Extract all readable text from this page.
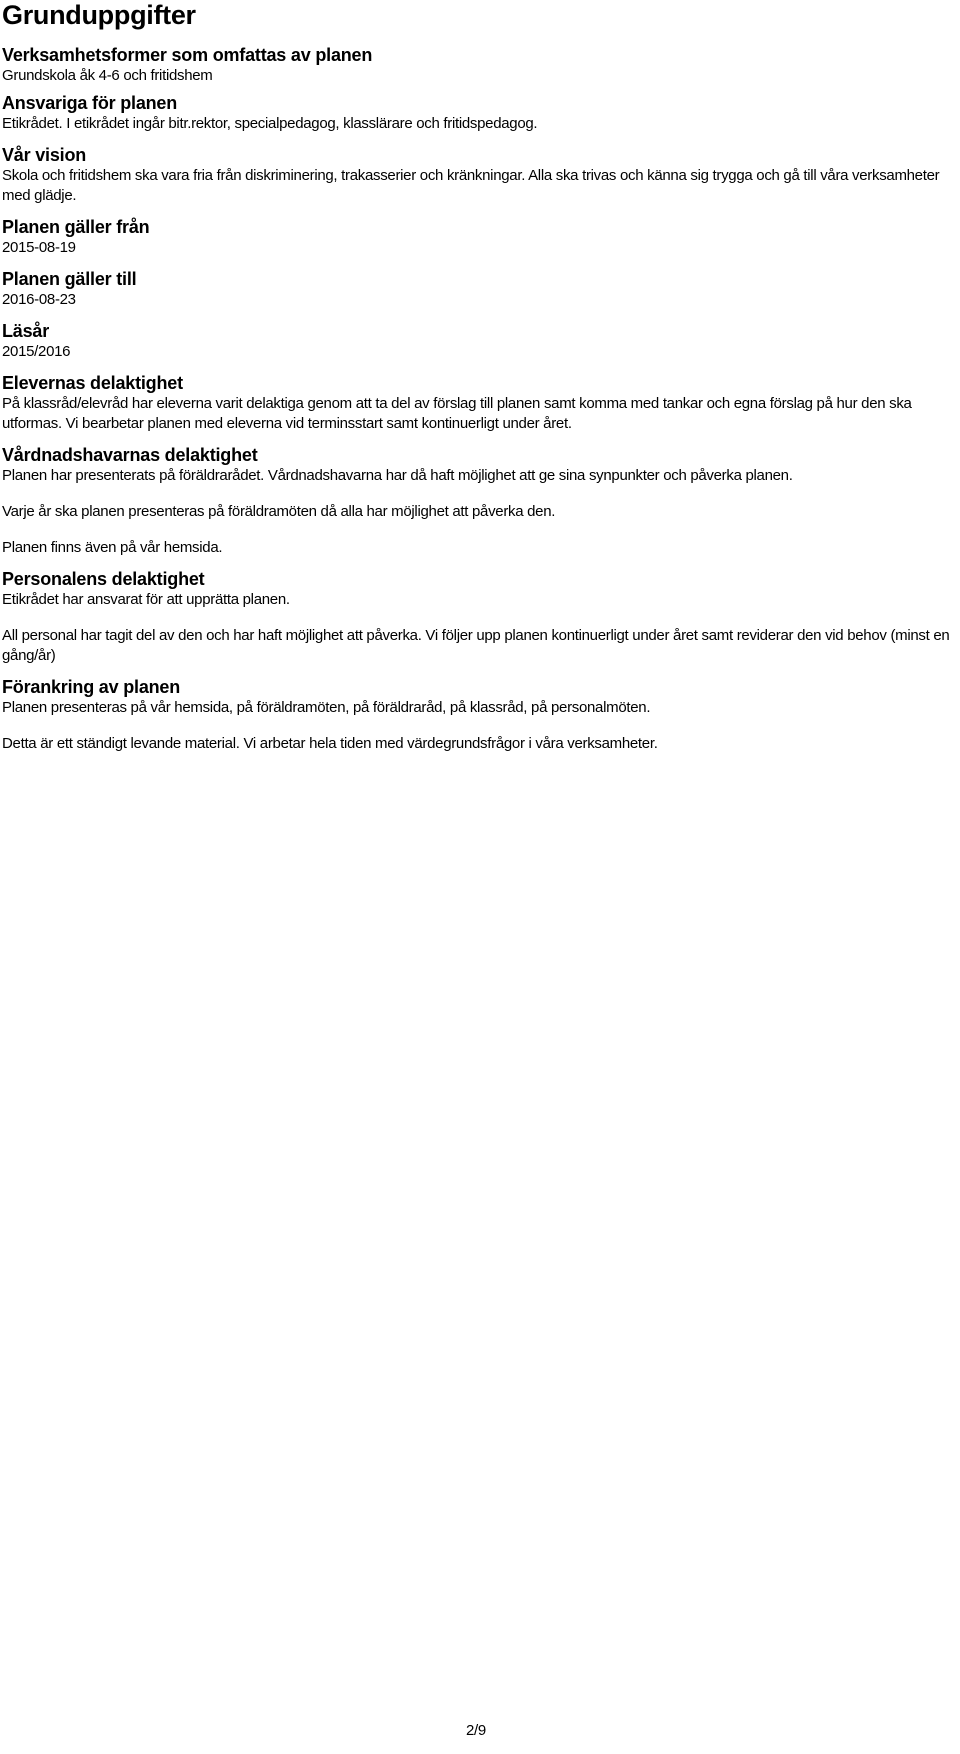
Grunduppgifter
Verksamhetsformer som omfattas av planen

Grundskola åk 4-6 och fritidshem

Ansvariga för planen

Etikrådet. I etikrådet ingår bitr.rektor, specialpedagog, klasslärare och fritidspedagog.

Vår vision

Skola och fritidshem ska vara fria från diskriminering, trakasserier och kränkningar. Alla ska trivas och känna sig trygga och gå till våra verksamheter med glädje.

Planen gäller från

2015-08-19

Planen gäller till

2016-08-23

Läsår

2015/2016

Elevernas delaktighet

På klassråd/elevråd har eleverna varit delaktiga genom att ta del av förslag till planen samt komma med tankar och egna förslag på hur den ska utformas. Vi bearbetar planen med eleverna vid terminsstart samt kontinuerligt under året.

Vårdnadshavarnas delaktighet

Planen har presenterats på föräldrarådet. Vårdnadshavarna har då haft möjlighet att ge sina synpunkter och påverka planen.

Varje år ska planen presenteras på föräldramöten då alla har möjlighet att påverka den.

Planen finns även på vår hemsida.

Personalens delaktighet

Etikrådet har ansvarat för att upprätta planen.

All personal har tagit del av den och har haft möjlighet att påverka. Vi följer upp planen kontinuerligt under året samt reviderar den vid behov (minst en gång/år)

Förankring av planen

Planen presenteras på vår hemsida, på föräldramöten, på föräldraråd, på klassråd, på personalmöten.

Detta är ett ständigt levande material. Vi arbetar hela tiden med värdegrundsfrågor i våra verksamheter.

2/9
